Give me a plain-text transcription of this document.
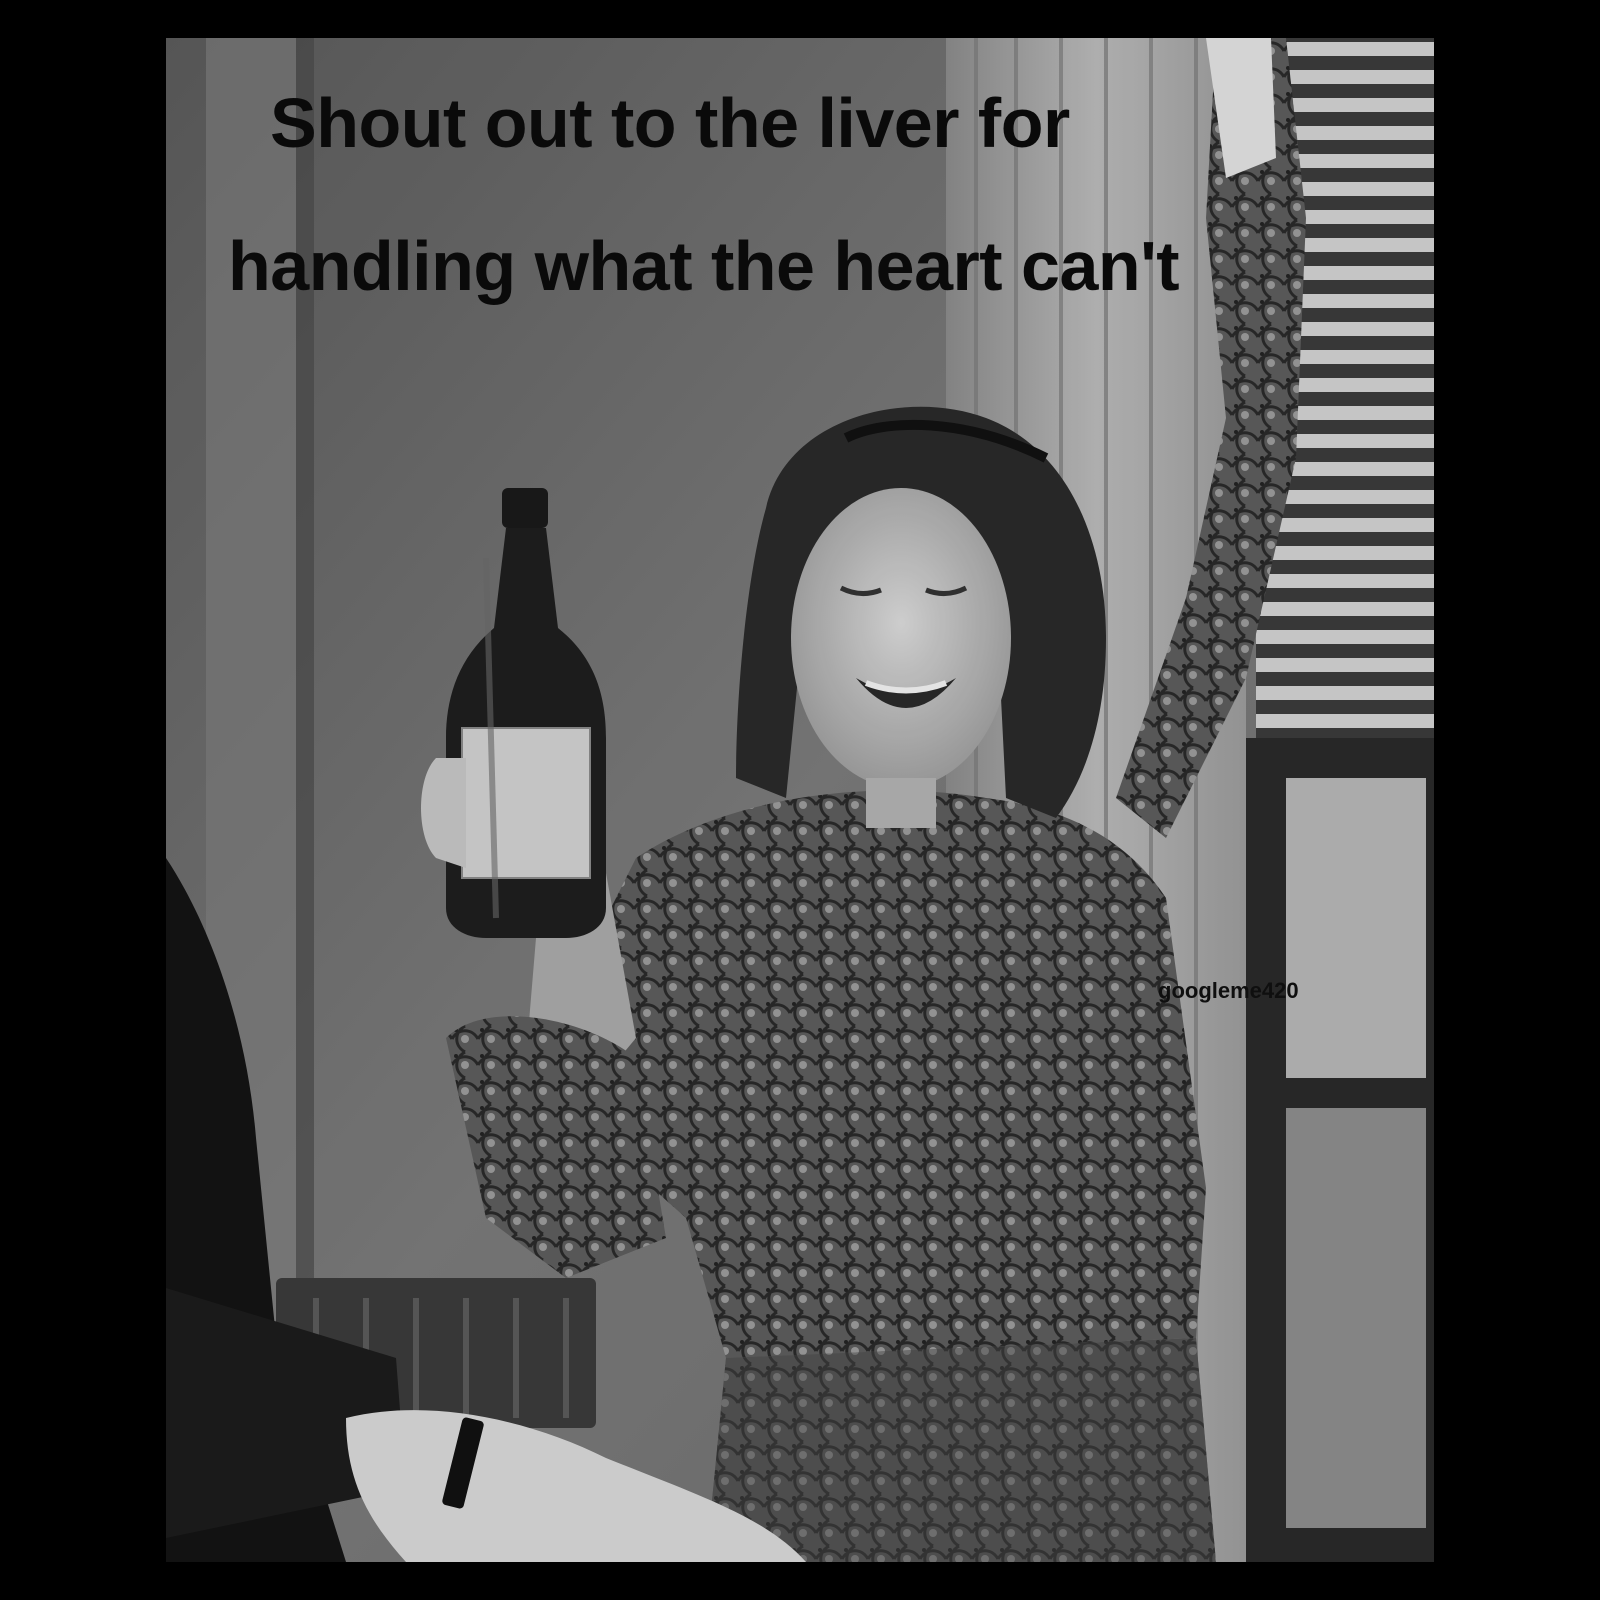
Shout out to the liver for
handling what the heart can't
googleme420
